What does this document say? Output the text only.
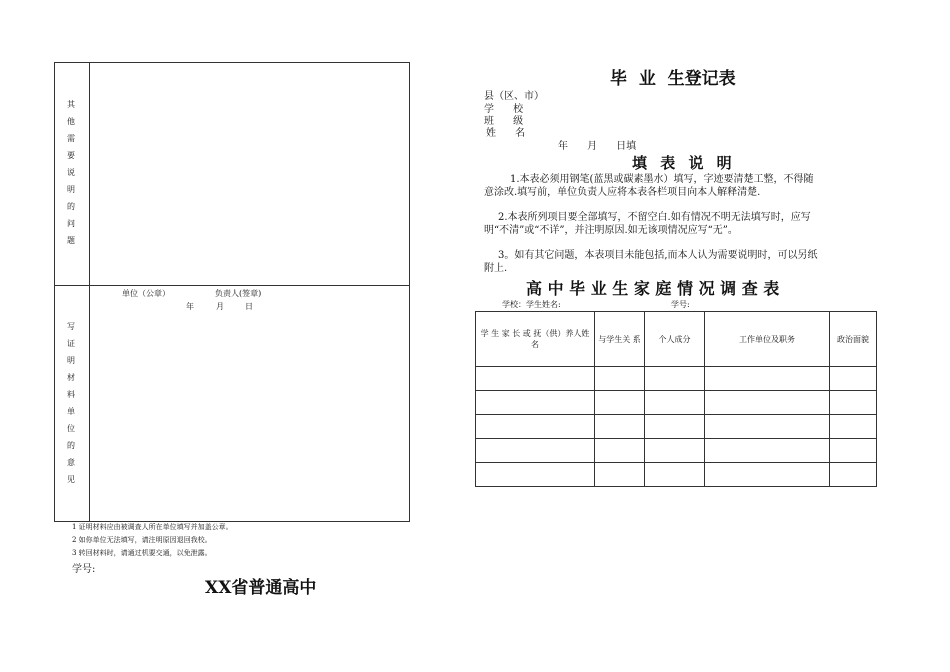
其
他
需
要
说
明
的
问
题
单位（公章）	负责人(签章)
年	月	日
写
证
明
材
料
单
位
的
意
见
1 证明材料应由被调查人所在单位填写并加盖公章。
2 如你单位无法填写，请注明原因退回我校。
3 转回材料时，请通过机要交通，以免泄露。
学号:
XX省普通高中
毕  业  生登记表
县（区、市）
学      校
班      级
姓      名
年      月      日填
填 表 说 明
1.本表必须用钢笔(蓝黑或碳素墨水）填写，字迹要清楚工整，不得随意涂改.填写前，单位负责人应将本表各栏项目向本人解释清楚.
2.本表所列项目要全部填写，不留空白.如有情况不明无法填写时，应写明“不清”或“不详”，并注明原因.如无该项情况应写“无”。
3。如有其它问题，本表项目未能包括,而本人认为需要说明时，可以另纸附上.
高 中 毕 业 生 家 庭 情 况 调 查 表
学校：学生姓名:	学号:
学 生 家 长 或 抚（供）养人姓名	与学生关 系	个人成分	工作单位及职务	政治面貌
